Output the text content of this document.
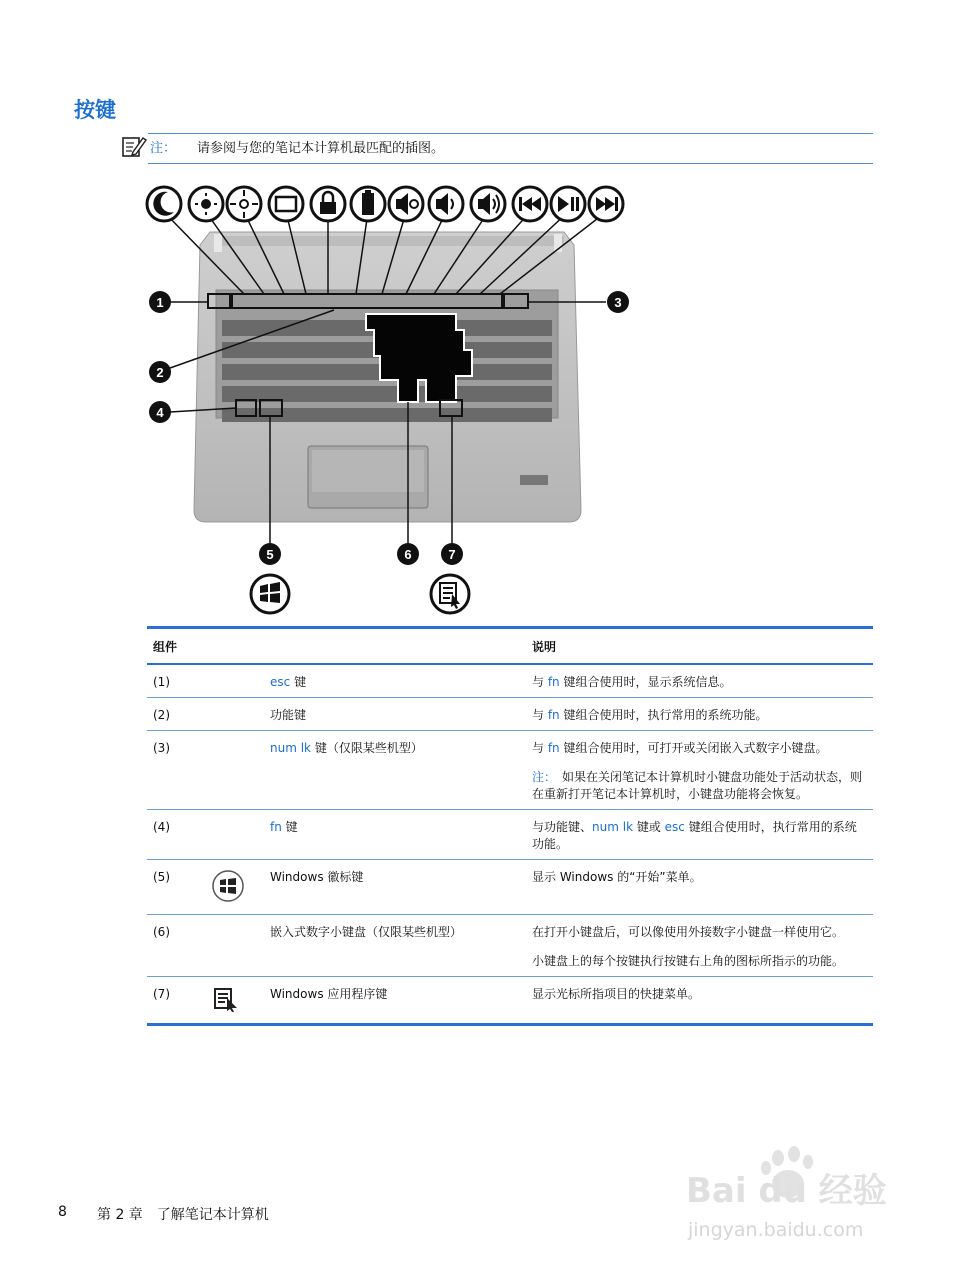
按键
注： 请参阅与您的笔记本计算机最匹配的插图。
1
2
3
4
5	6	7
组件			说明
(1)		esc 键	与 fn 键组合使用时，显示系统信息。

(2)		功能键	与 fn 键组合使用时，执行常用的系统功能。

(3)		num lk 键（仅限某些机型）	与 fn 键组合使用时，可打开或关闭嵌入式数字小键盘。
注：　 如果在关闭笔记本计算机时小键盘功能处于活动状态，则在重新打开笔记本计算机时，小键盘功能将会恢复。

(4)		fn 键	与功能键、num lk 键或 esc 键组合使用时，执行常用的系统功能。

(5)		Windows 徽标键	显示 Windows 的“开始”菜单。

(6)		嵌入式数字小键盘（仅限某些机型）	在打开小键盘后，可以像使用外接数字小键盘一样使用它。
小键盘上的每个按键执行按键右上角的图标所指示的功能。

(7)		Windows 应用程序键	显示光标所指项目的快捷菜单。
8 第 2 章　了解笔记本计算机
Bai du 经验
jingyan.baidu.com
